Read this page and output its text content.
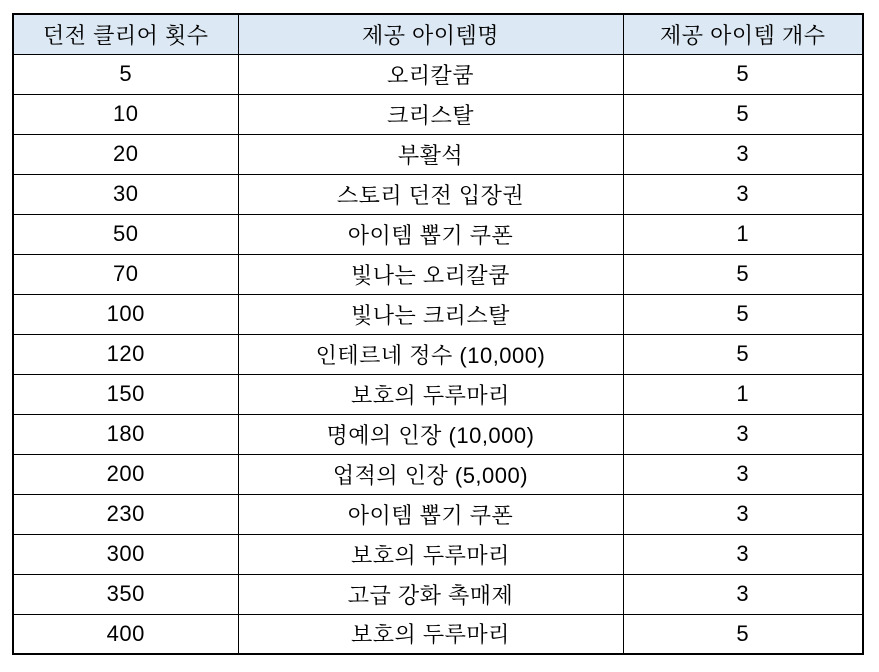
던전 클리어 횟수	제공 아이템명	제공 아이템 개수
5	오리칼쿰	5
10	크리스탈	5
20	부활석	3
30	스토리 던전 입장권	3
50	아이템 뽑기 쿠폰	1
70	빛나는 오리칼쿰	5
100	빛나는 크리스탈	5
120	인테르네 정수 (10,000)	5
150	보호의 두루마리	1
180	명예의 인장 (10,000)	3
200	업적의 인장 (5,000)	3
230	아이템 뽑기 쿠폰	3
300	보호의 두루마리	3
350	고급 강화 촉매제	3
400	보호의 두루마리	5
